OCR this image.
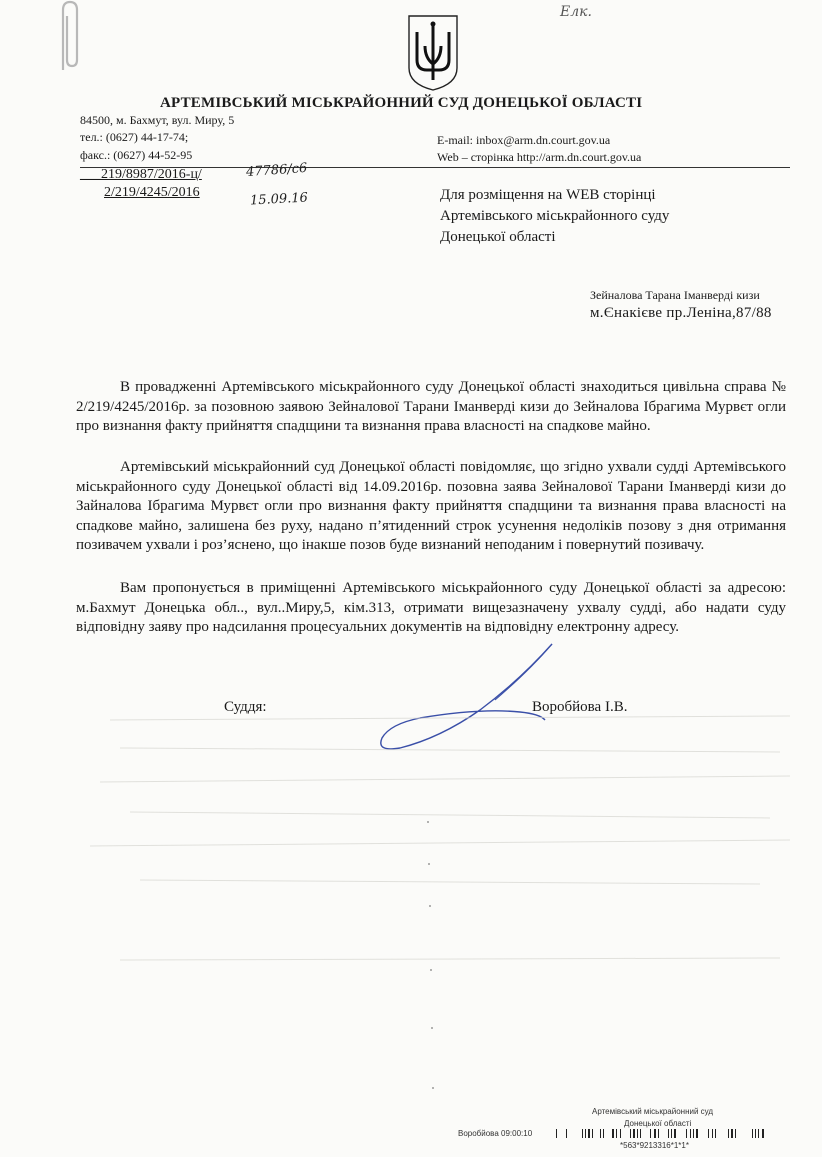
Елк.
АРТЕМІВСЬКИЙ МІСЬКРАЙОННИЙ СУД ДОНЕЦЬКОЇ ОБЛАСТІ
84500, м. Бахмут, вул. Миру, 5
тел.: (0627) 44-17-74;
факс.: (0627) 44-52-95
E-mail: inbox@arm.dn.court.gov.ua
Web – сторінка http://arm.dn.court.gov.ua
___219/8987/2016-ц/
2/219/4245/2016
47786/с6
15.09.16	Для розміщення на WEB сторінці
Артемівського міськрайонного суду
Донецької області
Зейналова Тарана Іманверді кизи
м.Єнакієве пр.Леніна,87/88
В провадженні Артемівського міськрайонного суду Донецької області знаходиться цивільна справа № 2/219/4245/2016р. за позовною заявою Зейналової Тарани Іманверді кизи до Зейналова Ібрагима Мурвєт огли про визнання факту прийняття спадщини та визнання права власності на спадкове майно.
Артемівський міськрайонний суд Донецької області повідомляє, що згідно ухвали судді Артемівського міськрайонного суду Донецької області від 14.09.2016р. позовна заява Зейналової Тарани Іманверді кизи до Зайналова Ібрагима Мурвєт огли про визнання факту прийняття спадщини та визнання права власності на спадкове майно, залишена без руху, надано п’ятиденний строк усунення недоліків позову з дня отримання позивачем ухвали і роз’яснено, що інакше позов буде визнаний неподаним і повернутий позивачу.
Вам пропонується в приміщенні Артемівського міськрайонного суду Донецької області за адресою: м.Бахмут Донецька обл.., вул..Миру,5, кім.313, отримати вищезазначену ухвалу судді, або надати суду відповідну заяву про надсилання процесуальних документів на відповідну електронну адресу.
Суддя:	Воробйова І.В.
Артемівський міськрайонний суд
Донецької області
Воробйова 09:00:10
*563*9213316*1*1*
